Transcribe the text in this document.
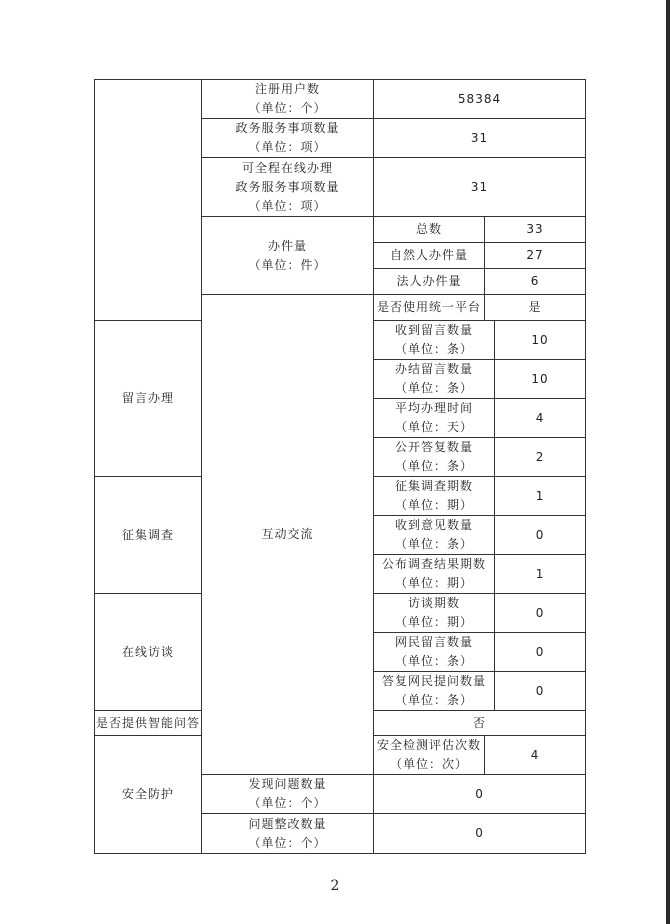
	注册用户数
（单位：个）	58384		

	政务服务事项数量
（单位：项）	31		

	可全程在线办理
政务服务事项数量
（单位：项）	31		

	办件量
（单位：件）	总数	33	
		自然人办件量	27	
		法人办件量	6	
	互动交流	是否使用统一平台	是	
留言办理		收到留言数量
（单位：条）		10

		办结留言数量
（单位：条）		10

		平均办理时间
（单位：天）		4

		公开答复数量
（单位：条）		2
征集调查		征集调查期数
（单位：期）		1

		收到意见数量
（单位：条）		0

		公布调查结果期数
（单位：期）		1
在线访谈		访谈期数
（单位：期）		0

		网民留言数量
（单位：条）		0

		答复网民提问数量
（单位：条）		0
是否提供智能问答		否		
安全防护		安全检测评估次数
（单位：次）	4	

	发现问题数量
（单位：个）	0		

	问题整改数量
（单位：个）	0		
2
